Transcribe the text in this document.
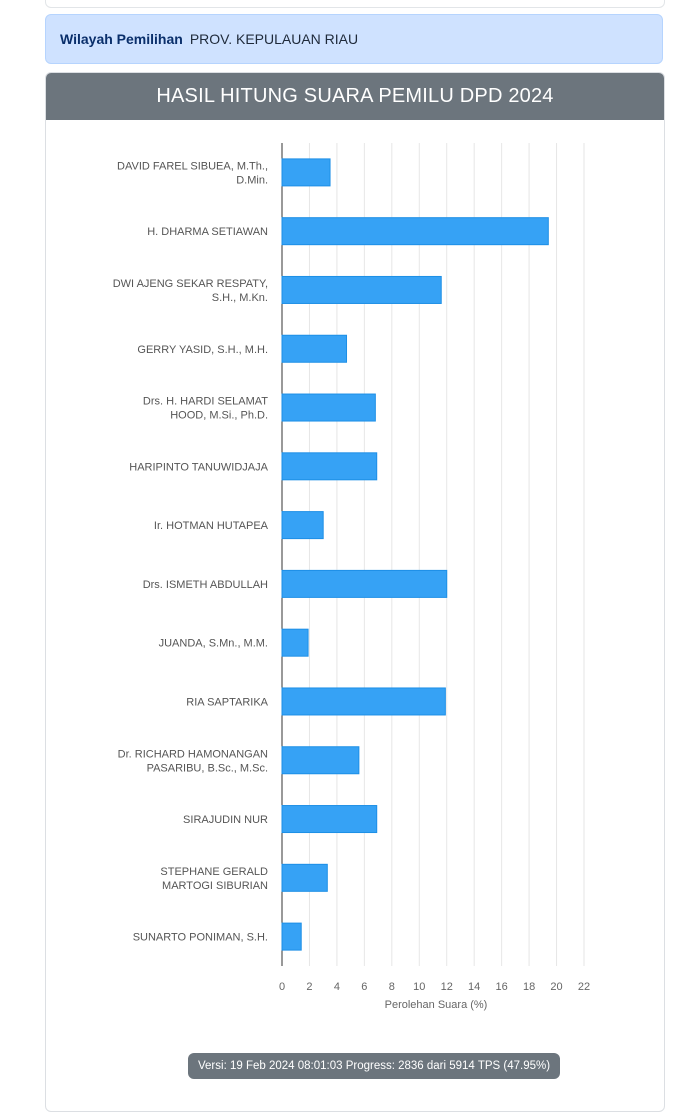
Wilayah Pemilihan PROV. KEPULAUAN RIAU
HASIL HITUNG SUARA PEMILU DPD 2024
0 2 4 6 8 10 12 14 16 18 20 22
DAVID FAREL SIBUEA, M.Th.,
D.Min.
H. DHARMA SETIAWAN
DWI AJENG SEKAR RESPATY,
S.H., M.Kn.
GERRY YASID, S.H., M.H.
Drs. H. HARDI SELAMAT
HOOD, M.Si., Ph.D.
HARIPINTO TANUWIDJAJA
Ir. HOTMAN HUTAPEA
Drs. ISMETH ABDULLAH
JUANDA, S.Mn., M.M.
RIA SAPTARIKA
Dr. RICHARD HAMONANGAN
PASARIBU, B.Sc., M.Sc.
SIRAJUDIN NUR
STEPHANE GERALD
MARTOGI SIBURIAN
SUNARTO PONIMAN, S.H.
Perolehan Suara (%)
Versi: 19 Feb 2024 08:01:03 Progress: 2836 dari 5914 TPS (47.95%)
